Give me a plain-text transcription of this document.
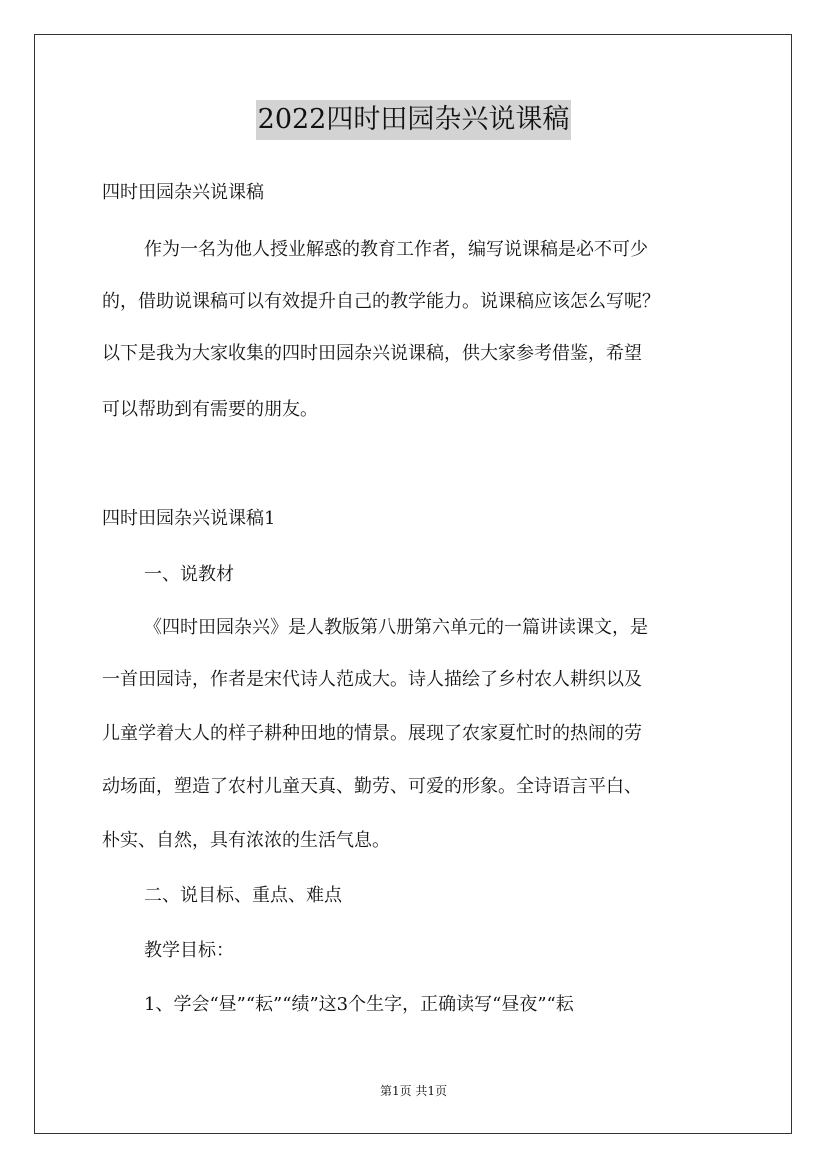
2022四时田园杂兴说课稿
四时田园杂兴说课稿
作为一名为他人授业解惑的教育工作者，编写说课稿是必不可少
的，借助说课稿可以有效提升自己的教学能力。说课稿应该怎么写呢？
以下是我为大家收集的四时田园杂兴说课稿，供大家参考借鉴，希望
可以帮助到有需要的朋友。
四时田园杂兴说课稿1
一、说教材
《四时田园杂兴》是人教版第八册第六单元的一篇讲读课文，是
一首田园诗，作者是宋代诗人范成大。诗人描绘了乡村农人耕织以及
儿童学着大人的样子耕种田地的情景。展现了农家夏忙时的热闹的劳
动场面，塑造了农村儿童天真、勤劳、可爱的形象。全诗语言平白、
朴实、自然，具有浓浓的生活气息。
二、说目标、重点、难点
教学目标：
1、学会“昼”“耘”“绩”这3个生字，正确读写“昼夜”“耘
第1页 共1页
